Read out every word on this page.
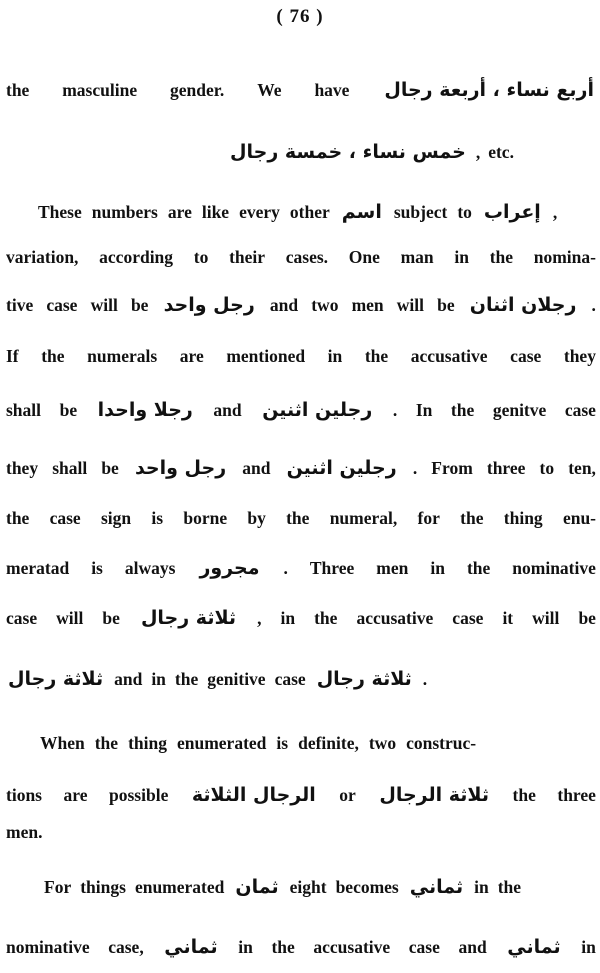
( 76 )
the masculine gender. We have أربع نساء ، أربعة رجال
خمس نساء ، خمسة رجال , etc.
These numbers are like every other اسم subject to إعراب ,
variation, according to their cases. One man in the nomina-
tive case will be رجل واحد and two men will be رجلان اثنان .
If the numerals are mentioned in the accusative case they
shall be رجلا واحدا and رجلين اثنين . In the genitve case
they shall be رجل واحد and رجلين اثنين . From three to ten,
the case sign is borne by the numeral, for the thing enu-
meratad is always مجرور . Three men in the nominative
case will be ثلاثة رجال , in the accusative case it will be
ثلاثة رجال and in the genitive case ثلاثة رجال .
When the thing enumerated is definite, two construc-
tions are possible الرجال الثلاثة or ثلاثة الرجال the three
men.
For things enumerated ثمان eight becomes ثماني in the
nominative case, ثماني in the accusative case and ثماني in
